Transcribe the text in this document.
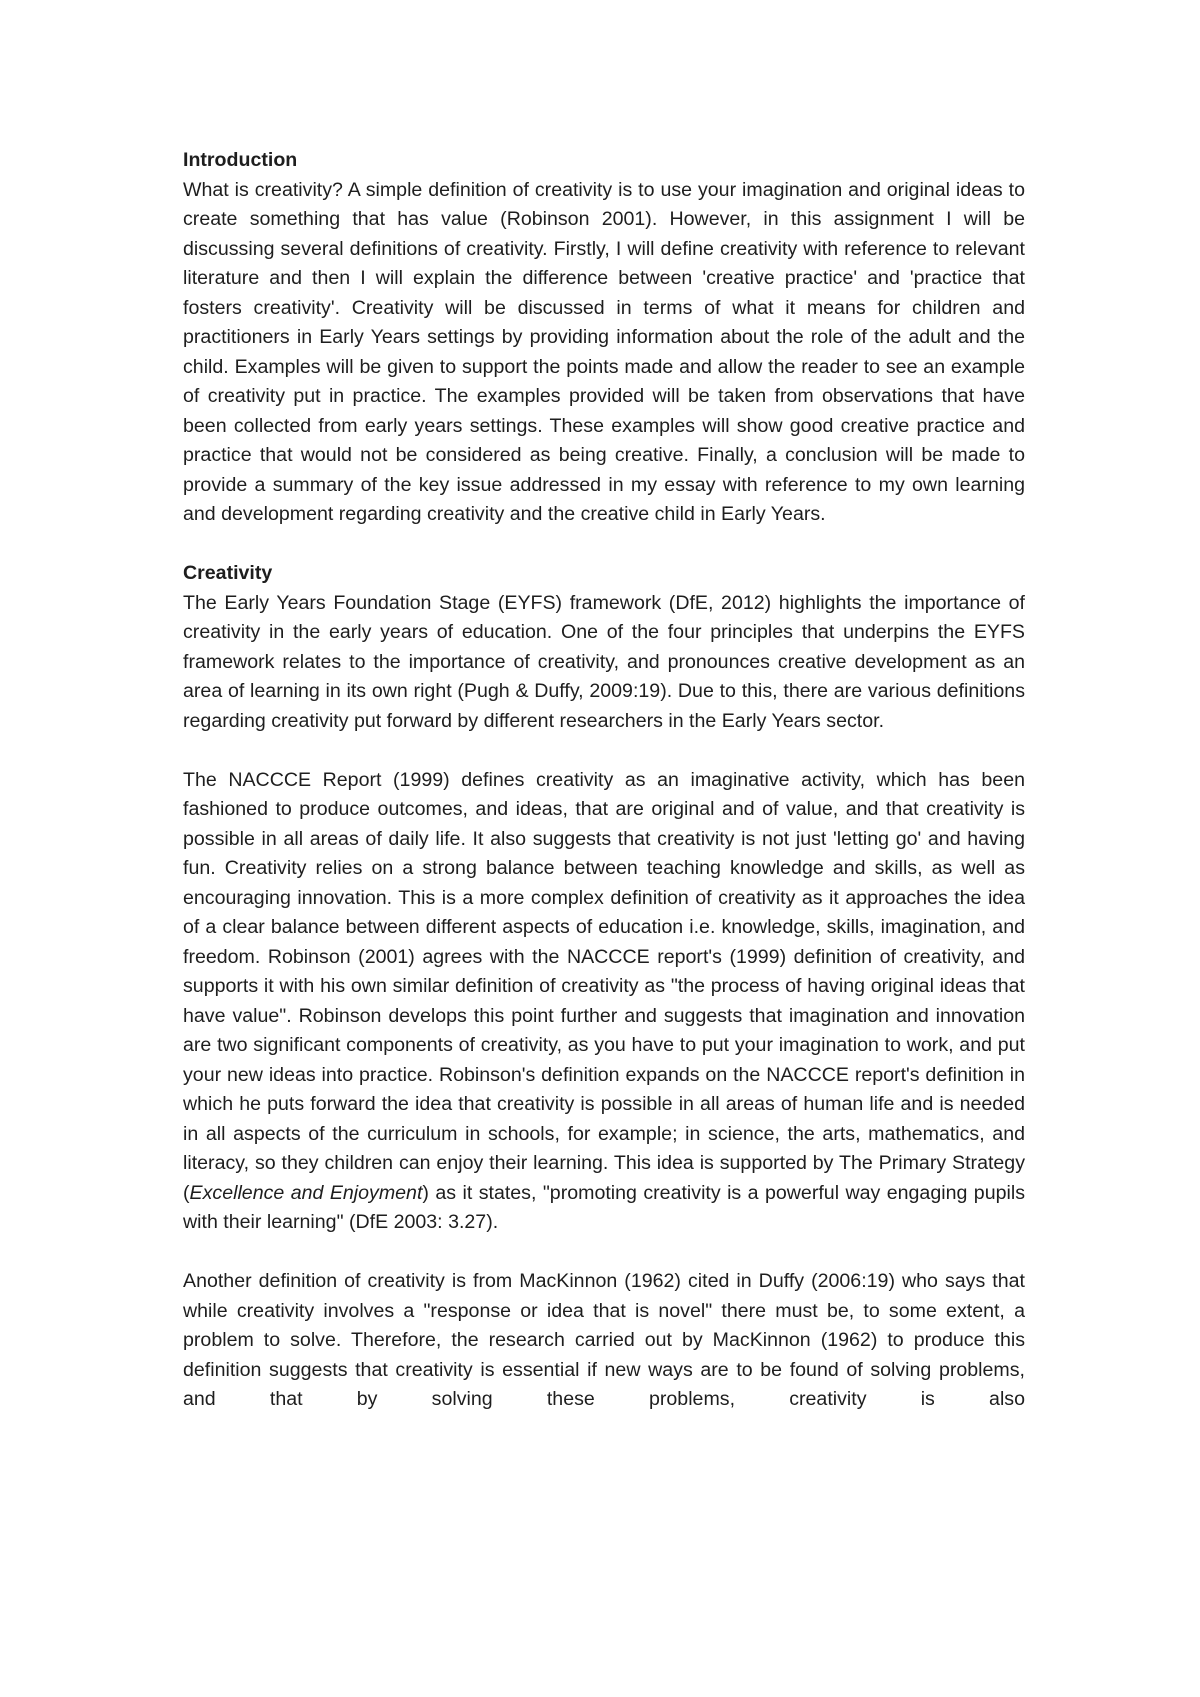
Introduction

What is creativity? A simple definition of creativity is to use your imagination and original ideas to create something that has value (Robinson 2001). However, in this assignment I will be discussing several definitions of creativity. Firstly, I will define creativity with reference to relevant literature and then I will explain the difference between 'creative practice' and 'practice that fosters creativity'. Creativity will be discussed in terms of what it means for children and practitioners in Early Years settings by providing information about the role of the adult and the child. Examples will be given to support the points made and allow the reader to see an example of creativity put in practice. The examples provided will be taken from observations that have been collected from early years settings. These examples will show good creative practice and practice that would not be considered as being creative. Finally, a conclusion will be made to provide a summary of the key issue addressed in my essay with reference to my own learning and development regarding creativity and the creative child in Early Years.

Creativity

The Early Years Foundation Stage (EYFS) framework (DfE, 2012) highlights the importance of creativity in the early years of education. One of the four principles that underpins the EYFS framework relates to the importance of creativity, and pronounces creative development as an area of learning in its own right (Pugh & Duffy, 2009:19). Due to this, there are various definitions regarding creativity put forward by different researchers in the Early Years sector.

The NACCCE Report (1999) defines creativity as an imaginative activity, which has been fashioned to produce outcomes, and ideas, that are original and of value, and that creativity is possible in all areas of daily life. It also suggests that creativity is not just 'letting go' and having fun. Creativity relies on a strong balance between teaching knowledge and skills, as well as encouraging innovation. This is a more complex definition of creativity as it approaches the idea of a clear balance between different aspects of education i.e. knowledge, skills, imagination, and freedom. Robinson (2001) agrees with the NACCCE report's (1999) definition of creativity, and supports it with his own similar definition of creativity as "the process of having original ideas that have value". Robinson develops this point further and suggests that imagination and innovation are two significant components of creativity, as you have to put your imagination to work, and put your new ideas into practice. Robinson's definition expands on the NACCCE report's definition in which he puts forward the idea that creativity is possible in all areas of human life and is needed in all aspects of the curriculum in schools, for example; in science, the arts, mathematics, and literacy, so they children can enjoy their learning. This idea is supported by The Primary Strategy (Excellence and Enjoyment) as it states, "promoting creativity is a powerful way engaging pupils with their learning" (DfE 2003: 3.27).

Another definition of creativity is from MacKinnon (1962) cited in Duffy (2006:19) who says that while creativity involves a "response or idea that is novel" there must be, to some extent, a problem to solve. Therefore, the research carried out by MacKinnon (1962) to produce this definition suggests that creativity is essential if new ways are to be found of solving problems, and that by solving these problems, creativity is also
